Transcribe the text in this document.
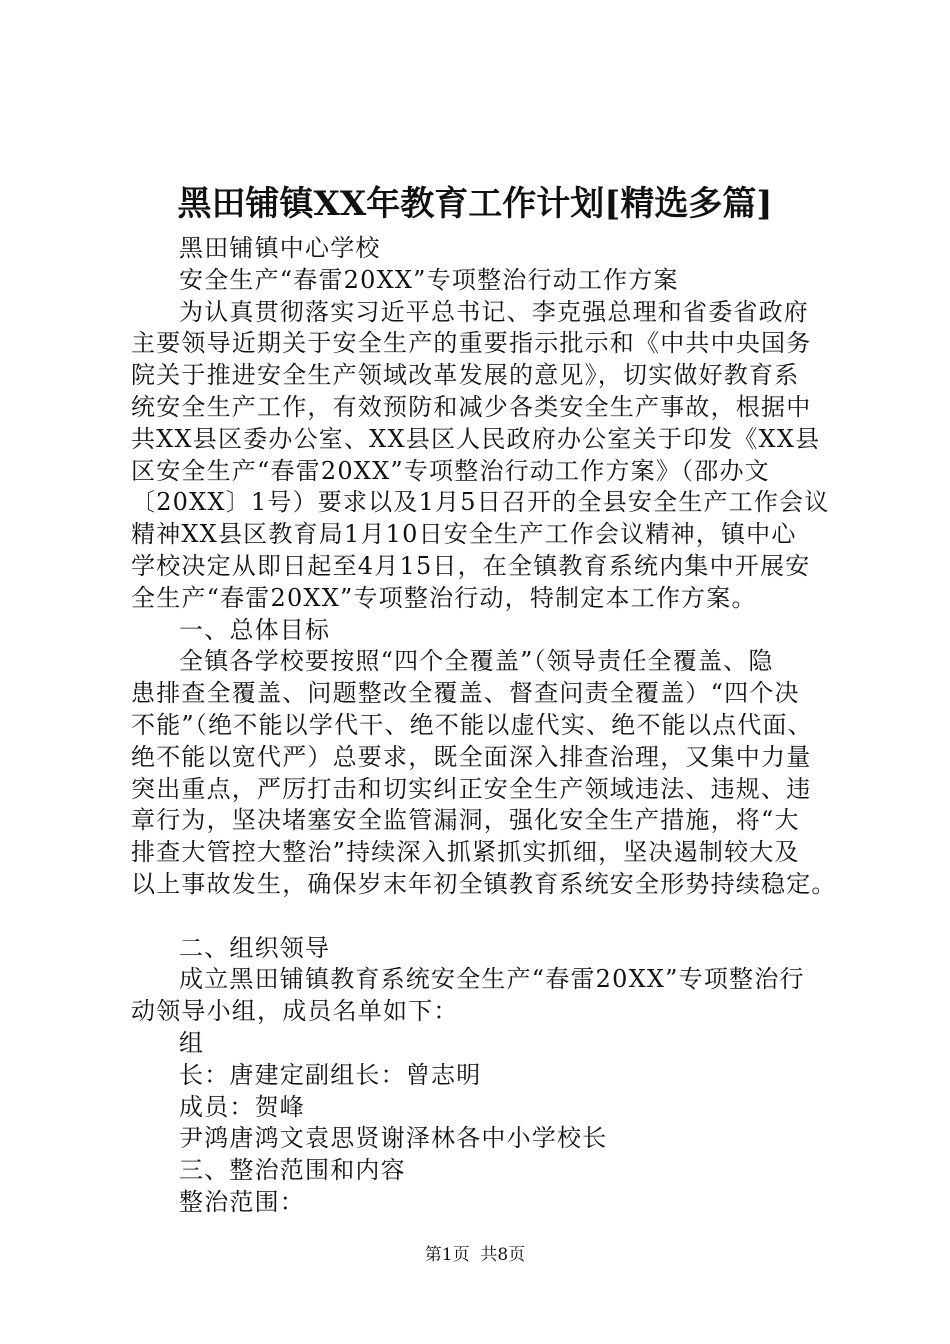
黑田铺镇XX年教育工作计划[精选多篇]
黑田铺镇中心学校
安全生产“春雷20XX”专项整治行动工作方案
为认真贯彻落实习近平总书记、李克强总理和省委省政府
主要领导近期关于安全生产的重要指示批示和《中共中央国务
院关于推进安全生产领域改革发展的意见》，切实做好教育系
统安全生产工作，有效预防和减少各类安全生产事故，根据中
共XX县区委办公室、XX县区人民政府办公室关于印发《XX县
区安全生产“春雷20XX”专项整治行动工作方案》（邵办文
〔20XX〕1号）要求以及1月5日召开的全县安全生产工作会议
精神XX县区教育局1月10日安全生产工作会议精神，镇中心
学校决定从即日起至4月15日，在全镇教育系统内集中开展安
全生产“春雷20XX”专项整治行动，特制定本工作方案。
一、总体目标
全镇各学校要按照“四个全覆盖”（领导责任全覆盖、隐
患排查全覆盖、问题整改全覆盖、督查问责全覆盖）“四个决
不能”（绝不能以学代干、绝不能以虚代实、绝不能以点代面、
绝不能以宽代严）总要求，既全面深入排查治理，又集中力量
突出重点，严厉打击和切实纠正安全生产领域违法、违规、违
章行为，坚决堵塞安全监管漏洞，强化安全生产措施，将“大
排查大管控大整治”持续深入抓紧抓实抓细，坚决遏制较大及
以上事故发生，确保岁末年初全镇教育系统安全形势持续稳定。
二、组织领导
成立黑田铺镇教育系统安全生产“春雷20XX”专项整治行
动领导小组，成员名单如下：
组
长：唐建定副组长：曾志明
成员：贺峰
尹鸿唐鸿文袁思贤谢泽林各中小学校长
三、整治范围和内容
整治范围：
第1页  共8页
